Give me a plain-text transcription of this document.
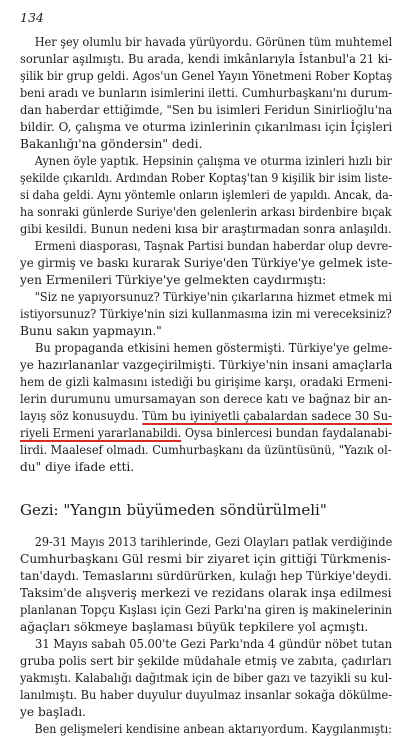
134
Her şey olumlu bir havada yürüyordu. Görünen tüm muhtemel
sorunlar aşılmıştı. Bu arada, kendi imkânlarıyla İstanbul'a 21 ki-
şilik bir grup geldi. Agos'un Genel Yayın Yönetmeni Rober Koptaş
beni aradı ve bunların isimlerini iletti. Cumhurbaşkanı'nı durum-
dan haberdar ettiğimde, "Sen bu isimleri Feridun Sinirlioğlu'na
bildir. O, çalışma ve oturma izinlerinin çıkarılması için İçişleri
Bakanlığı'na göndersin" dedi.
Aynen öyle yaptık. Hepsinin çalışma ve oturma izinleri hızlı bir
şekilde çıkarıldı. Ardından Rober Koptaş'tan 9 kişilik bir isim liste-
si daha geldi. Aynı yöntemle onların işlemleri de yapıldı. Ancak, da-
ha sonraki günlerde Suriye'den gelenlerin arkası birdenbire bıçak
gibi kesildi. Bunun nedeni kısa bir araştırmadan sonra anlaşıldı.
Ermeni diasporası, Taşnak Partisi bundan haberdar olup devre-
ye girmiş ve baskı kurarak Suriye'den Türkiye'ye gelmek iste-
yen Ermenileri Türkiye'ye gelmekten caydırmıştı:
"Siz ne yapıyorsunuz? Türkiye'nin çıkarlarına hizmet etmek mi
istiyorsunuz? Türkiye'nin sizi kullanmasına izin mi vereceksiniz?
Bunu sakın yapmayın."
Bu propaganda etkisini hemen göstermişti. Türkiye'ye gelme-
ye hazırlananlar vazgeçirilmişti. Türkiye'nin insani amaçlarla
hem de gizli kalmasını istediği bu girişime karşı, oradaki Ermeni-
lerin durumunu umursamayan son derece katı ve bağnaz bir an-
layış söz konusuydu. Tüm bu iyiniyetli çabalardan sadece 30 Su-
riyeli Ermeni yararlanabildi. Oysa binlercesi bundan faydalanabi-
lirdi. Maalesef olmadı. Cumhurbaşkanı da üzüntüsünü, "Yazık ol-
du" diye ifade etti.
Gezi: "Yangın büyümeden söndürülmeli"
29-31 Mayıs 2013 tarihlerinde, Gezi Olayları patlak verdiğinde
Cumhurbaşkanı Gül resmi bir ziyaret için gittiği Türkmenis-
tan'daydı. Temaslarını sürdürürken, kulağı hep Türkiye'deydi.
Taksim'de alışveriş merkezi ve rezidans olarak inşa edilmesi
planlanan Topçu Kışlası için Gezi Parkı'na giren iş makinelerinin
ağaçları sökmeye başlaması büyük tepkilere yol açmıştı.
31 Mayıs sabah 05.00'te Gezi Parkı'nda 4 gündür nöbet tutan
gruba polis sert bir şekilde müdahale etmiş ve zabıta, çadırları
yakmıştı. Kalabalığı dağıtmak için de biber gazı ve tazyikli su kul-
lanılmıştı. Bu haber duyulur duyulmaz insanlar sokağa dökülme-
ye başladı.
Ben gelişmeleri kendisine anbean aktarıyordum. Kaygılanmıştı:
